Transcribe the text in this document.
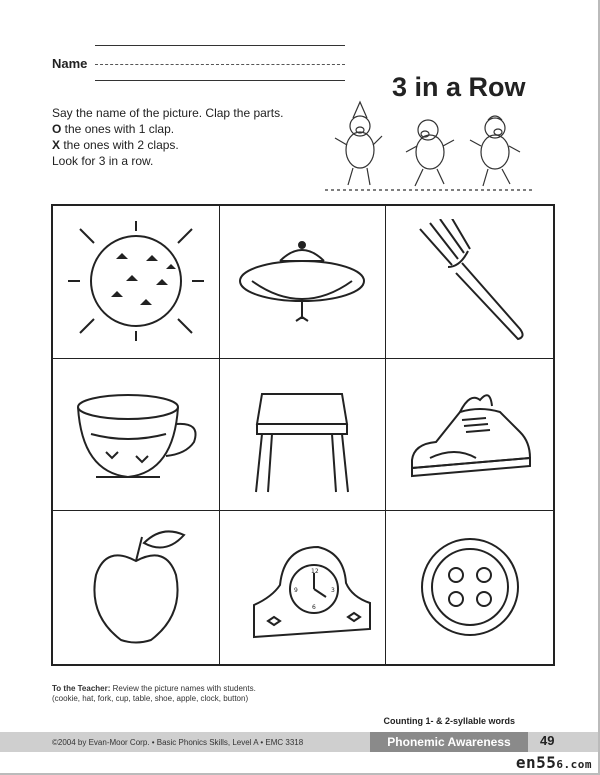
Name
3 in a Row
Say the name of the picture. Clap the parts.
O the ones with 1 clap.
X the ones with 2 claps.
Look for 3 in a row.
12
3
6
9
To the Teacher: Review the picture names with students.
(cookie, hat, fork, cup, table, shoe, apple, clock, button)
Counting 1- & 2-syllable words
©2004 by Evan-Moor Corp. • Basic Phonics Skills, Level A • EMC 3318	Phonemic Awareness	49
en556.com
